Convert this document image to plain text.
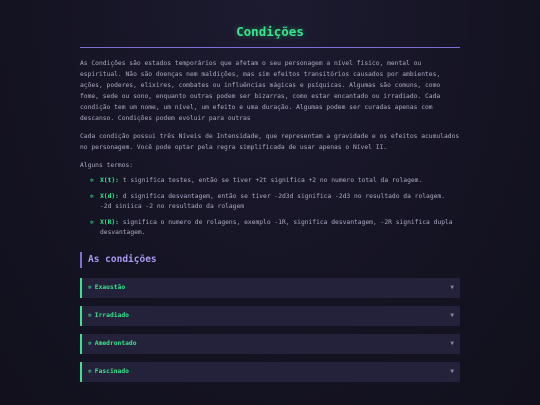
Condições

As Condições são estados temporários que afetam o seu personagem a nível físico, mental ou espiritual. Não são doenças nem maldições, mas sim efeitos transitórios causados por ambientes, ações, poderes, elixires, combates ou influências mágicas e psíquicas. Algumas são comuns, como fome, sede ou sono, enquanto outras podem ser bizarras, como estar encantado ou irradiado. Cada condição tem um nome, um nível, um efeito e uma duração. Algumas podem ser curadas apenas com descanso. Condições podem evoluir para outras

Cada condição possui três Níveis de Intensidade, que representam a gravidade e os efeitos acumulados no personagem. Você pode optar pela regra simplificada de usar apenas o Nível II.

Alguns termos:

✲ X(t): t significa testes, então se tiver +2t significa +2 no numero total da rolagem.
✲ X(d): d significa desvantagem, então se tiver -2d3d significa -2d3 no resultado da rolagem. -2d siniica -2 no resultado da rolagem
✲ X(R): significa o numero de rolagens, exemplo -1R, significa desvantagem, -2R significa dupla desvantagem.
As condições
✲ Exaustão	▼
✲ Irradiado	▼
✲ Amedrontado	▼
✲ Fascinado	▼
